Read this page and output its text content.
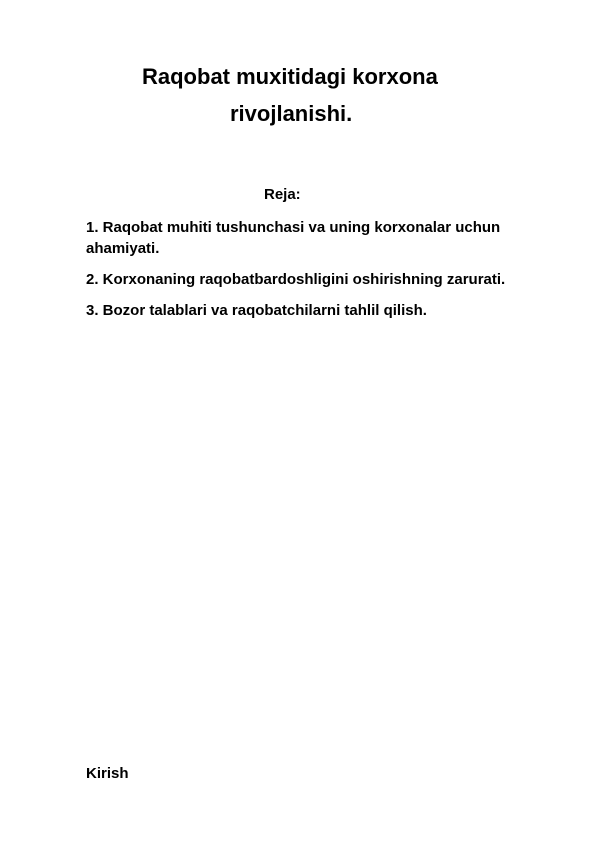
Raqobat muxitidagi korxona
rivojlanishi.

Reja:

1. Raqobat muhiti tushunchasi va uning korxonalar uchun ahamiyati.
2. Korxonaning raqobatbardoshligini oshirishning zarurati.
3. Bozor talablari va raqobatchilarni tahlil qilish.

Kirish
